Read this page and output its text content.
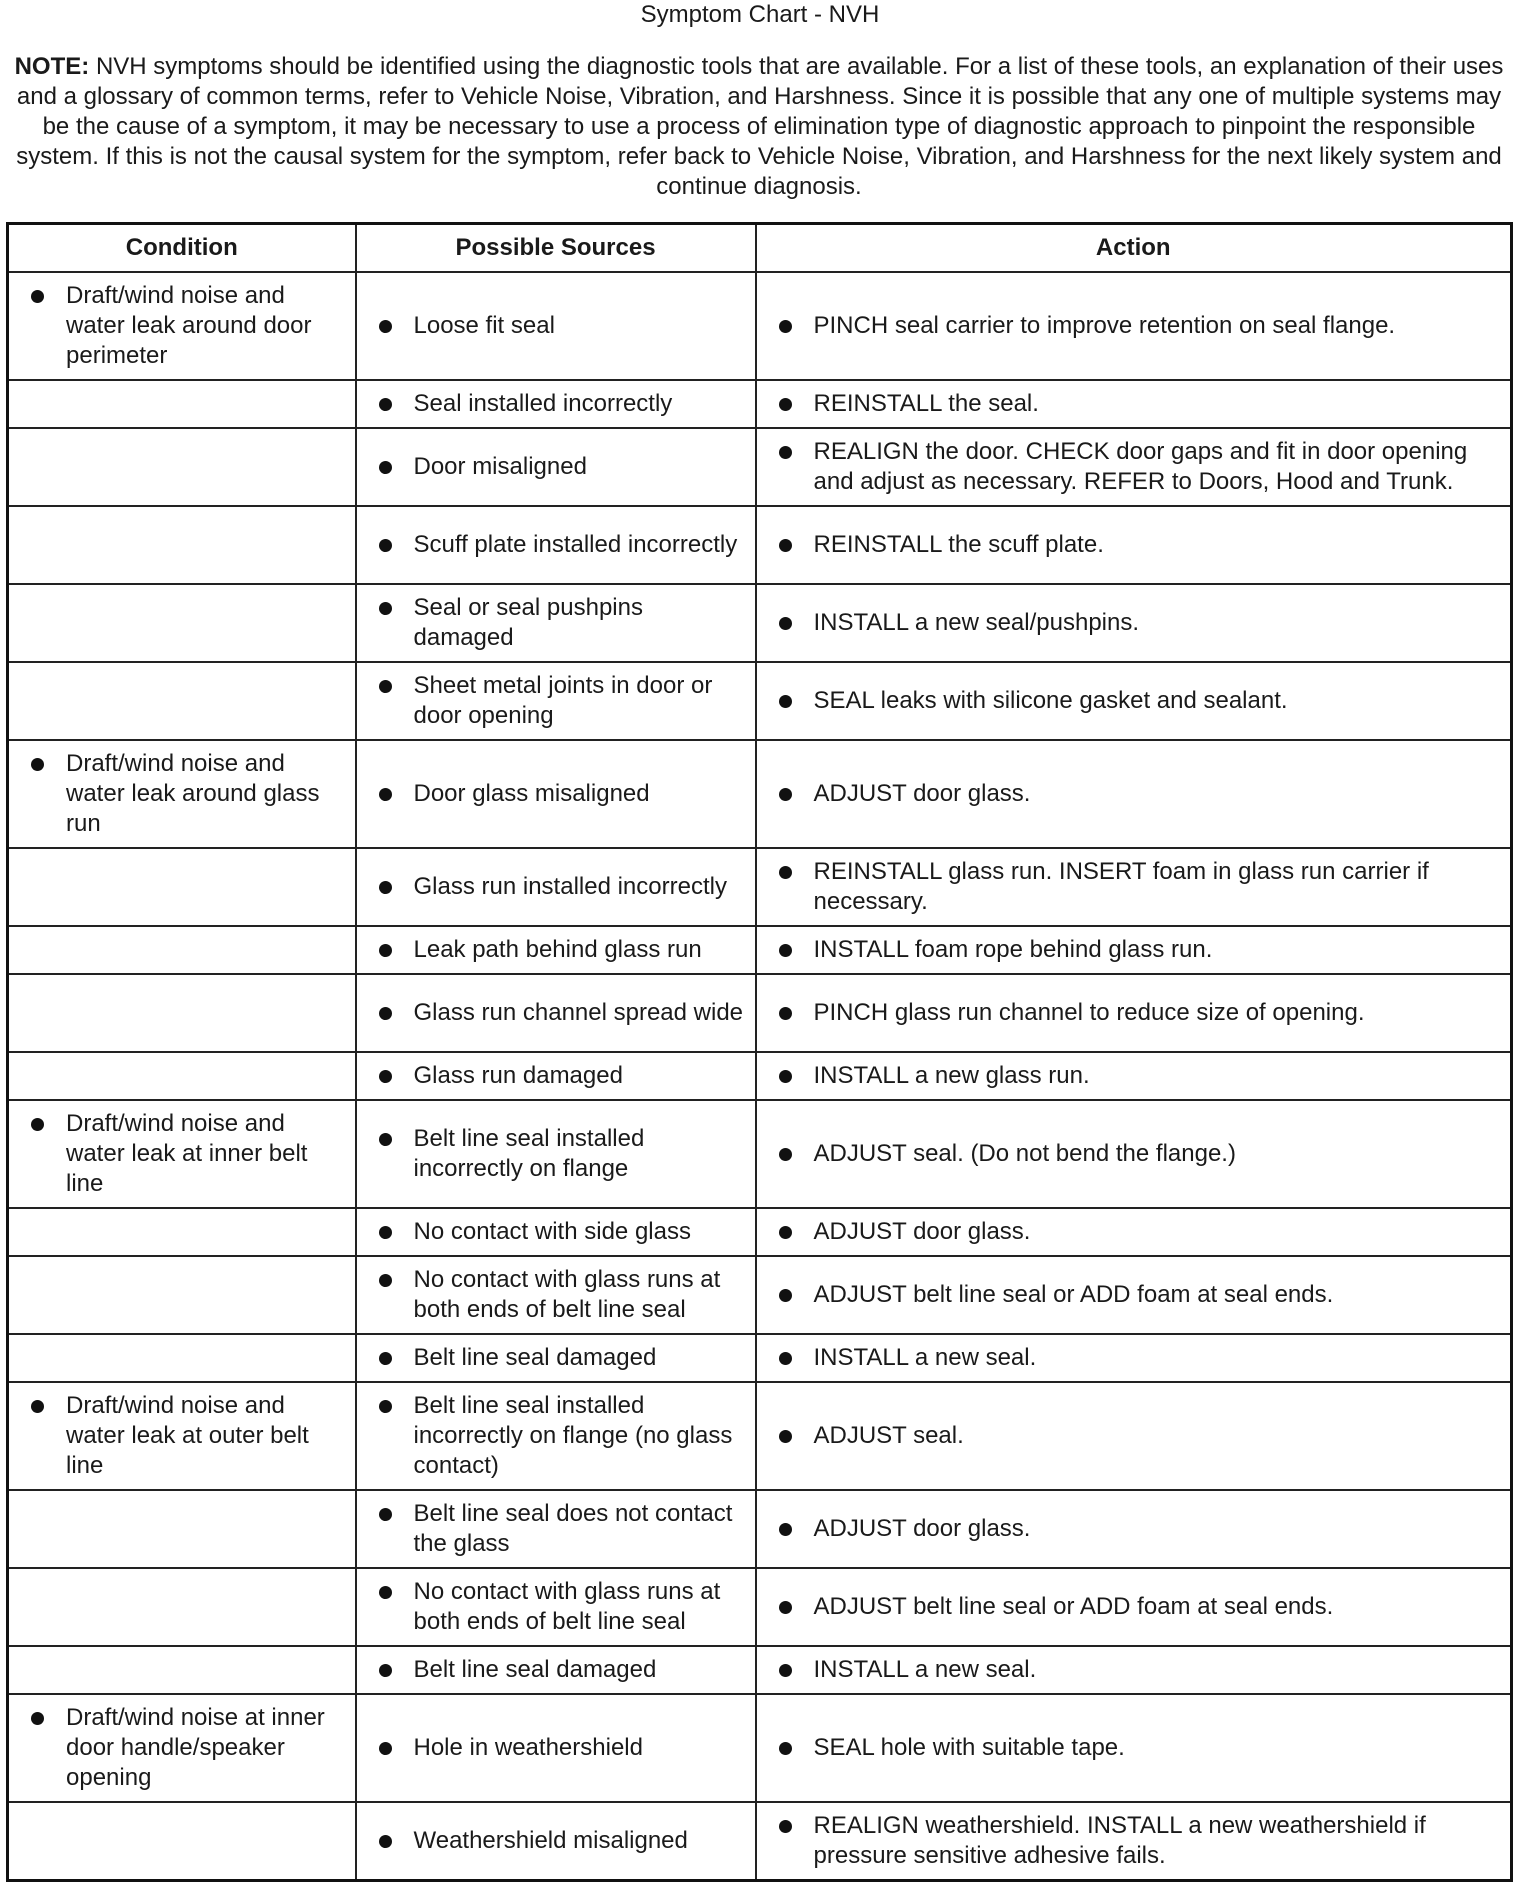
Symptom Chart - NVH
NOTE: NVH symptoms should be identified using the diagnostic tools that are available. For a list of these tools, an explanation of their uses and a glossary of common terms, refer to Vehicle Noise, Vibration, and Harshness. Since it is possible that any one of multiple systems may be the cause of a symptom, it may be necessary to use a process of elimination type of diagnostic approach to pinpoint the responsible system. If this is not the causal system for the symptom, refer back to Vehicle Noise, Vibration, and Harshness for the next likely system and continue diagnosis.
Condition	Possible Sources	Action

Draft/wind noise and water leak around door perimeter	Loose fit seal	PINCH seal carrier to improve retention on seal flange.

	Seal installed incorrectly	REINSTALL the seal.

	Door misaligned	REALIGN the door. CHECK door gaps and fit in door opening and adjust as necessary. REFER to Doors, Hood and Trunk.

	Scuff plate installed incorrectly	REINSTALL the scuff plate.

	Seal or seal pushpins damaged	INSTALL a new seal/pushpins.

	Sheet metal joints in door or door opening	SEAL leaks with silicone gasket and sealant.

Draft/wind noise and water leak around glass run	Door glass misaligned	ADJUST door glass.

	Glass run installed incorrectly	REINSTALL glass run. INSERT foam in glass run carrier if necessary.

	Leak path behind glass run	INSTALL foam rope behind glass run.

	Glass run channel spread wide	PINCH glass run channel to reduce size of opening.

	Glass run damaged	INSTALL a new glass run.

Draft/wind noise and water leak at inner belt line	Belt line seal installed incorrectly on flange	ADJUST seal. (Do not bend the flange.)

	No contact with side glass	ADJUST door glass.

	No contact with glass runs at both ends of belt line seal	ADJUST belt line seal or ADD foam at seal ends.

	Belt line seal damaged	INSTALL a new seal.

Draft/wind noise and water leak at outer belt line	Belt line seal installed incorrectly on flange (no glass contact)	ADJUST seal.

	Belt line seal does not contact the glass	ADJUST door glass.

	No contact with glass runs at both ends of belt line seal	ADJUST belt line seal or ADD foam at seal ends.

	Belt line seal damaged	INSTALL a new seal.

Draft/wind noise at inner door handle/speaker opening	Hole in weathershield	SEAL hole with suitable tape.

	Weathershield misaligned	REALIGN weathershield. INSTALL a new weathershield if pressure sensitive adhesive fails.
